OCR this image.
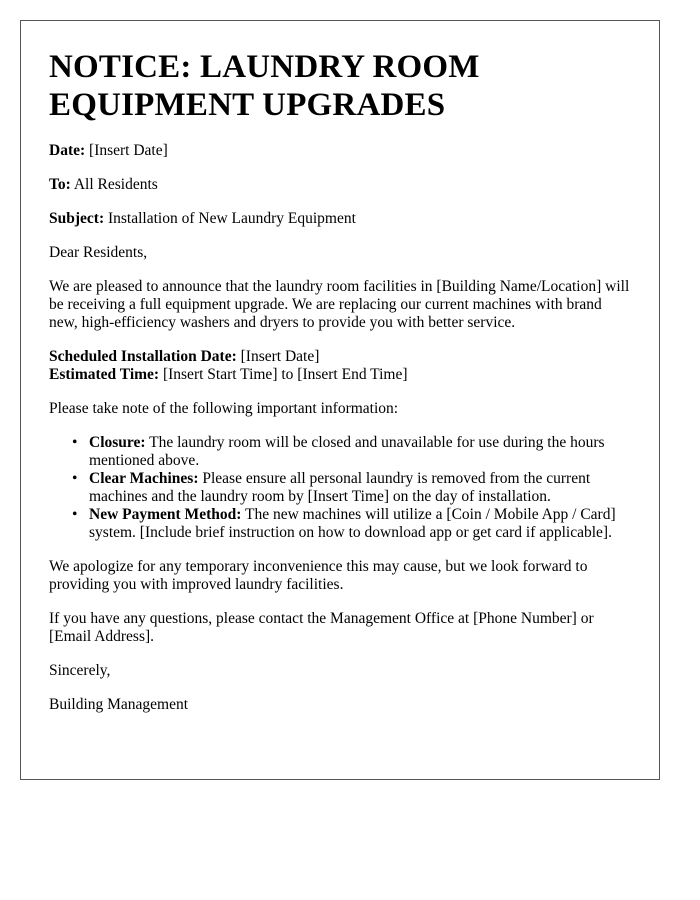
NOTICE: LAUNDRY ROOM EQUIPMENT UPGRADES

Date: [Insert Date]

To: All Residents

Subject: Installation of New Laundry Equipment

Dear Residents,

We are pleased to announce that the laundry room facilities in [Building Name/Location] will be receiving a full equipment upgrade. We are replacing our current machines with brand new, high-efficiency washers and dryers to provide you with better service.

Scheduled Installation Date: [Insert Date]

Estimated Time: [Insert Start Time] to [Insert End Time]

Please take note of the following important information:

• Closure: The laundry room will be closed and unavailable for use during the hours mentioned above.
• Clear Machines: Please ensure all personal laundry is removed from the current machines and the laundry room by [Insert Time] on the day of installation.
• New Payment Method: The new machines will utilize a [Coin / Mobile App / Card] system. [Include brief instruction on how to download app or get card if applicable].

We apologize for any temporary inconvenience this may cause, but we look forward to providing you with improved laundry facilities.

If you have any questions, please contact the Management Office at [Phone Number] or [Email Address].

Sincerely,

Building Management
